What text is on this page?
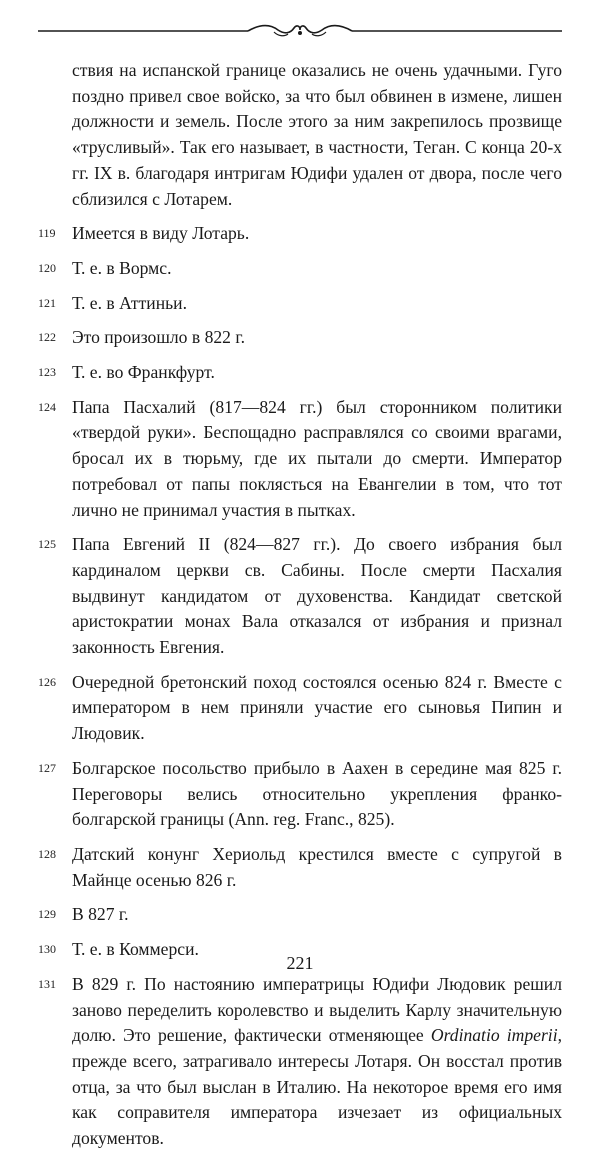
ствия на испанской границе оказались не очень удачными. Гуго поздно привел свое войско, за что был обвинен в измене, лишен должности и земель. После этого за ним закрепилось прозвище «трусливый». Так его называет, в частности, Теган. С конца 20-х гг. IX в. благодаря интригам Юдифи удален от двора, после чего сблизился с Лотарем.

119 Имеется в виду Лотарь.
120 Т. е. в Вормс.
121 Т. е. в Аттиньи.
122 Это произошло в 822 г.
123 Т. е. во Франкфурт.
124 Папа Пасхалий (817—824 гг.) был сторонником политики «твердой руки». Беспощадно расправлялся со своими врагами, бросал их в тюрьму, где их пытали до смерти. Император потребовал от папы поклясться на Евангелии в том, что тот лично не принимал участия в пытках.
125 Папа Евгений II (824—827 гг.). До своего избрания был кардиналом церкви св. Сабины. После смерти Пасхалия выдвинут кандидатом от духовенства. Кандидат светской аристократии монах Вала отказался от избрания и признал законность Евгения.
126 Очередной бретонский поход состоялся осенью 824 г. Вместе с императором в нем приняли участие его сыновья Пипин и Людовик.
127 Болгарское посольство прибыло в Аахен в середине мая 825 г. Переговоры велись относительно укрепления франко-болгарской границы (Ann. reg. Franc., 825).
128 Датский конунг Хериольд крестился вместе с супругой в Майнце осенью 826 г.
129 В 827 г.
130 Т. е. в Коммерси.
131 В 829 г. По настоянию императрицы Юдифи Людовик решил заново переделить королевство и выделить Карлу значительную долю. Это решение, фактически отменяющее Ordinatio imperii, прежде всего, затрагивало интересы Лотаря. Он восстал против отца, за что был выслан в Италию. На некоторое время его имя как соправителя императора изчезает из официальных документов.
221
